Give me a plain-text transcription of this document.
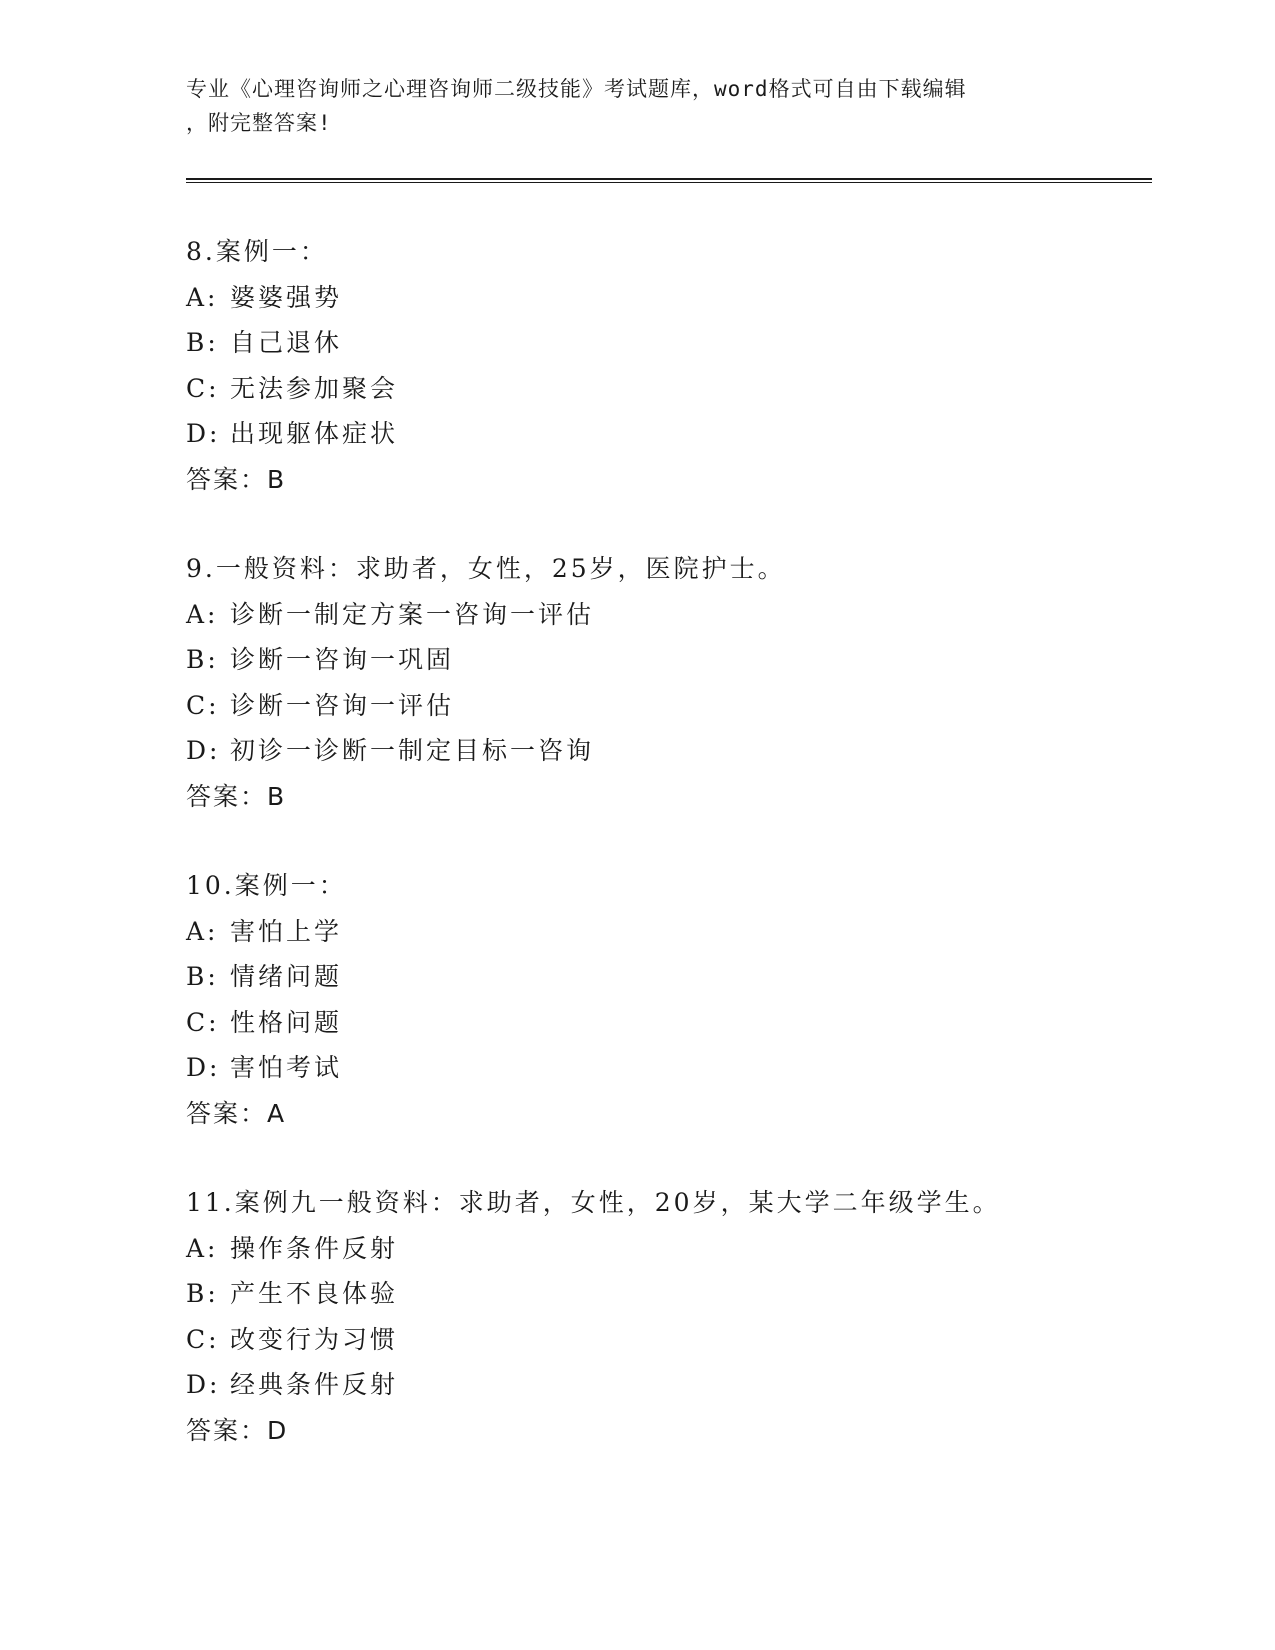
专业《心理咨询师之心理咨询师二级技能》考试题库，word格式可自由下载编辑
，附完整答案!
8.案例一：
A: 婆婆强势
B: 自己退休
C: 无法参加聚会
D: 出现躯体症状
答案：B
9.一般资料：求助者，女性，25岁，医院护士。
A: 诊断一制定方案一咨询一评估
B: 诊断一咨询一巩固
C: 诊断一咨询一评估
D: 初诊一诊断一制定目标一咨询
答案：B
10.案例一：
A: 害怕上学
B: 情绪问题
C: 性格问题
D: 害怕考试
答案：A
11.案例九一般资料：求助者，女性，20岁，某大学二年级学生。
A: 操作条件反射
B: 产生不良体验
C: 改变行为习惯
D: 经典条件反射
答案：D
